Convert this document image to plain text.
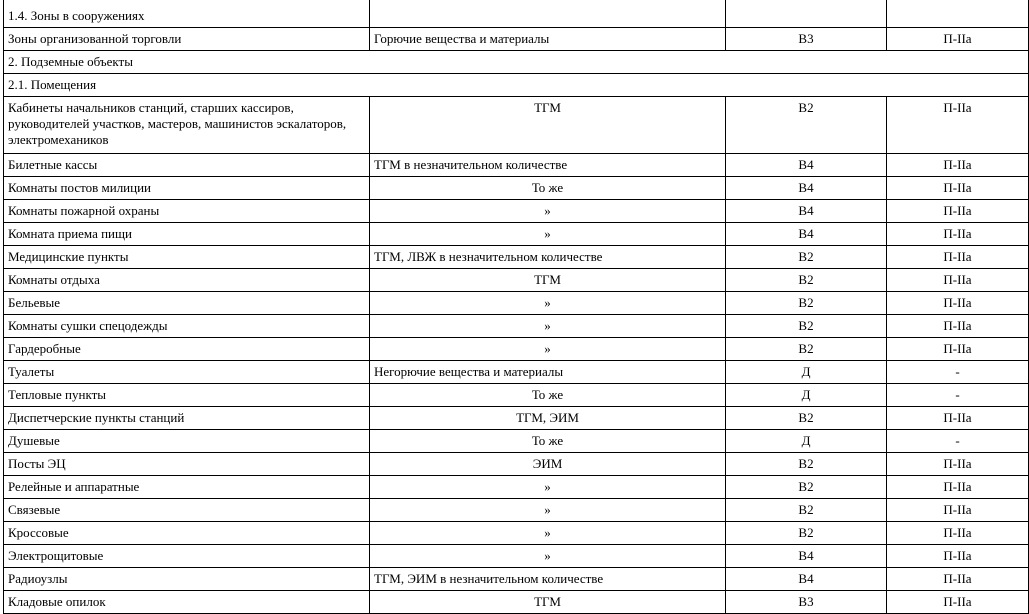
1.4. Зоны в сооружениях			
Зоны организованной торговли	Горючие вещества и материалы	В3	П-IIа
2. Подземные объекты			
2.1. Помещения			
Кабинеты начальников станций, старших кассиров, руководителей участков, мастеров, машинистов эскалаторов, электромехаников	ТГМ	В2	П-IIа
Билетные кассы	ТГМ в незначительном количестве	В4	П-IIа
Комнаты постов милиции	То же	В4	П-IIа
Комнаты пожарной охраны	»	В4	П-IIа
Комната приема пищи	»	В4	П-IIа
Медицинские пункты	ТГМ, ЛВЖ в незначительном количестве	В2	П-IIа
Комнаты отдыха	ТГМ	В2	П-IIа
Бельевые	»	В2	П-IIа
Комнаты сушки спецодежды	»	В2	П-IIа
Гардеробные	»	В2	П-IIа
Туалеты	Негорючие вещества и материалы	Д	-
Тепловые пункты	То же	Д	-
Диспетчерские пункты станций	ТГМ, ЭИМ	В2	П-IIа
Душевые	То же	Д	-
Посты ЭЦ	ЭИМ	В2	П-IIа
Релейные и аппаратные	»	В2	П-IIа
Связевые	»	В2	П-IIа
Кроссовые	»	В2	П-IIа
Электрощитовые	»	В4	П-IIа
Радиоузлы	ТГМ, ЭИМ в незначительном количестве	В4	П-IIа
Кладовые опилок	ТГМ	В3	П-IIа
